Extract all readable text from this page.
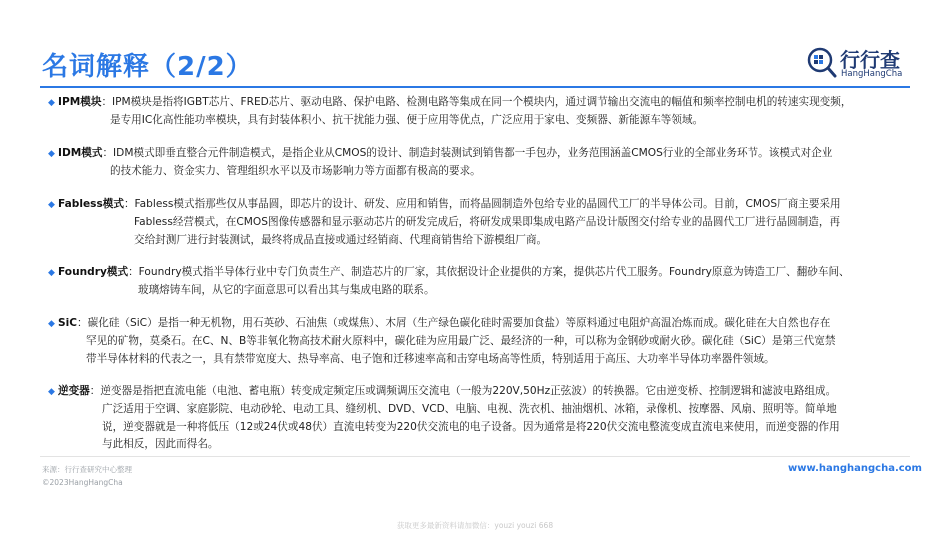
名词解释（2/2）	行行查
HangHangCha
◆ IPM模块：IPM模块是指将IGBT芯片、FRED芯片、驱动电路、保护电路、检测电路等集成在同一个模块内，通过调节输出交流电的幅值和频率控制电机的转速实现变频，
是专用IC化高性能功率模块，具有封装体积小、抗干扰能力强、便于应用等优点，广泛应用于家电、变频器、新能源车等领域。
◆ IDM模式：IDM模式即垂直整合元件制造模式，是指企业从CMOS的设计、制造封装测试到销售都一手包办，业务范围涵盖CMOS行业的全部业务环节。该模式对企业
的技术能力、资金实力、管理组织水平以及市场影响力等方面都有极高的要求。
◆ Fabless模式：Fabless模式指那些仅从事晶圆，即芯片的设计、研发、应用和销售，而将晶圆制造外包给专业的晶圆代工厂的半导体公司。目前，CMOS厂商主要采用
Fabless经营模式，在CMOS图像传感器和显示驱动芯片的研发完成后，将研发成果即集成电路产品设计版图交付给专业的晶圆代工厂进行晶圆制造，再
交给封测厂进行封装测试，最终将成品直接或通过经销商、代理商销售给下游模组厂商。
◆ Foundry模式：Foundry模式指半导体行业中专门负责生产、制造芯片的厂家，其依据设计企业提供的方案，提供芯片代工服务。Foundry原意为铸造工厂、翻砂车间、
玻璃熔铸车间，从它的字面意思可以看出其与集成电路的联系。
◆ SiC：碳化硅（SiC）是指一种无机物，用石英砂、石油焦（或煤焦）、木屑（生产绿色碳化硅时需要加食盐）等原料通过电阻炉高温冶炼而成。碳化硅在大自然也存在
罕见的矿物，莫桑石。在C、N、B等非氧化物高技术耐火原料中，碳化硅为应用最广泛、最经济的一种，可以称为金钢砂或耐火砂。碳化硅（SiC）是第三代宽禁
带半导体材料的代表之一，具有禁带宽度大、热导率高、电子饱和迁移速率高和击穿电场高等性质，特别适用于高压、大功率半导体功率器件领域。
◆ 逆变器：逆变器是指把直流电能（电池、蓄电瓶）转变成定频定压或调频调压交流电（一般为220V,50Hz正弦波）的转换器。它由逆变桥、控制逻辑和滤波电路组成。
广泛适用于空调、家庭影院、电动砂轮、电动工具、缝纫机、DVD、VCD、电脑、电视、洗衣机、抽油烟机、冰箱，录像机、按摩器、风扇、照明等。简单地
说，逆变器就是一种将低压（12或24伏或48伏）直流电转变为220伏交流电的电子设备。因为通常是将220伏交流电整流变成直流电来使用，而逆变器的作用
与此相反，因此而得名。
来源：行行查研究中心整理
©2023HangHangCha
www.hanghangcha.com
获取更多最新资料请加微信：youzi youzi 668
